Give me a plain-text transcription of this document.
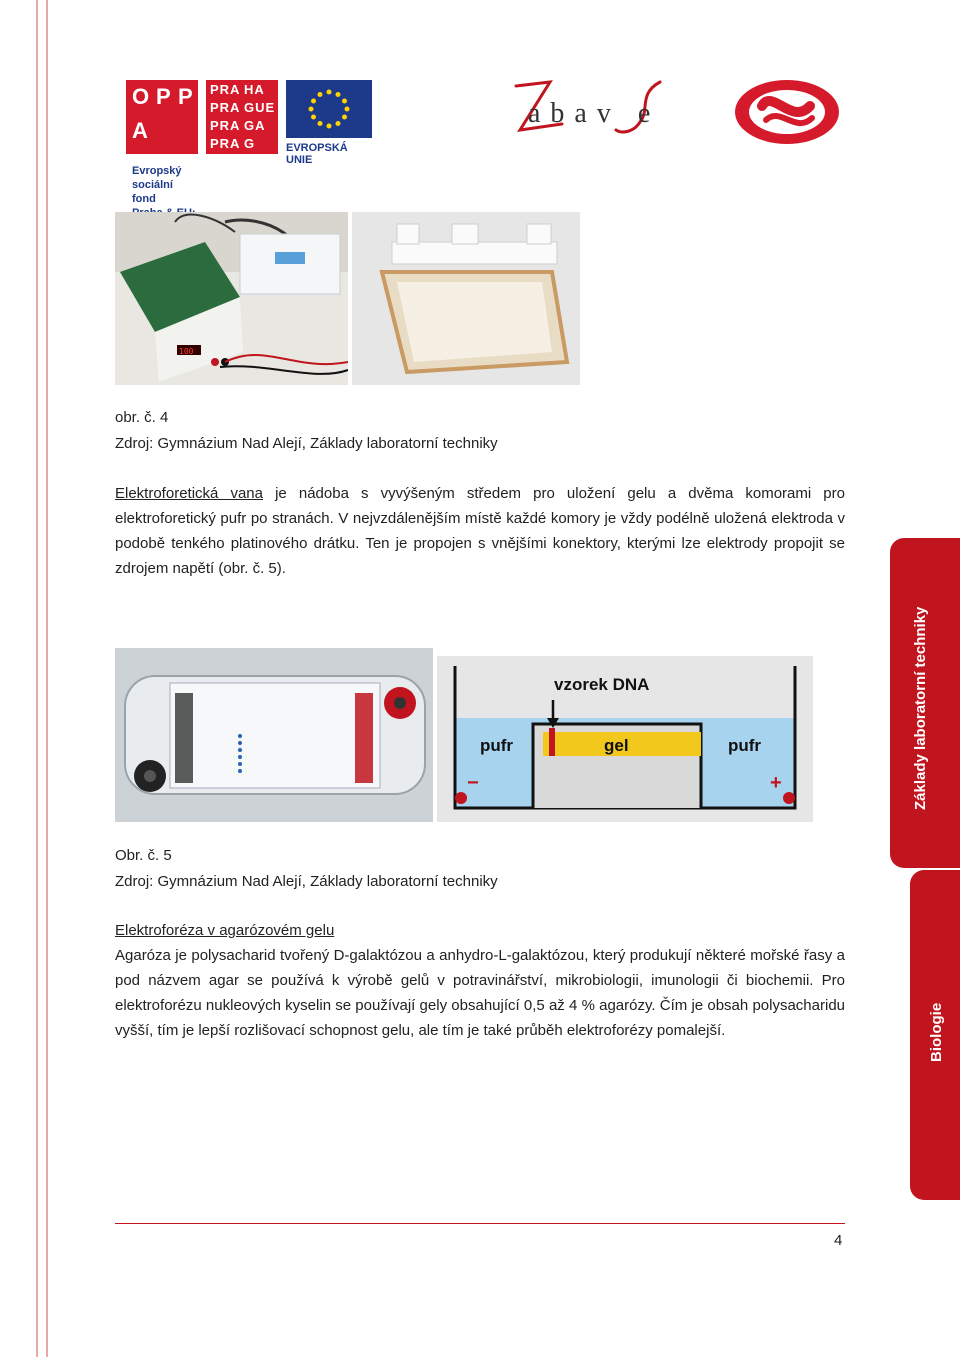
O P P
A
PRA HA
PRA GUE
PRA GA
PRA G	EVROPSKÁ UNIE
Evropský sociální fond
abav e
100
obr. č. 4
Zdroj: Gymnázium Nad Alejí, Základy laboratorní techniky
Elektroforetická vana je nádoba s vyvýšeným středem pro uložení gelu a dvěma komorami pro elektroforetický pufr po stranách. V nejvzdálenějším místě každé komory je vždy podélně uložená elektroda v podobě tenkého platinového drátku. Ten je propojen s vnějšími konektory, kterými lze elektrody propojit se zdrojem napětí (obr. č. 5).
vzorek DNA
pufr	gel	pufr
−	+
Obr. č. 5
Zdroj: Gymnázium Nad Alejí, Základy laboratorní techniky
Elektroforéza v agarózovém gelu
Agaróza je polysacharid tvořený D-galaktózou a anhydro-L-galaktózou, který produkují některé mořské řasy a pod názvem agar se používá k výrobě gelů v potravinářství, mikrobiologii, imunologii či biochemii. Pro elektroforézu nukleových kyselin se používají gely obsahující 0,5 až 4 % agarózy. Čím je obsah polysacharidu vyšší, tím je lepší rozlišovací schopnost gelu, ale tím je také průběh elektroforézy pomalejší.
Základy laboratorní techniky
Biologie
4
